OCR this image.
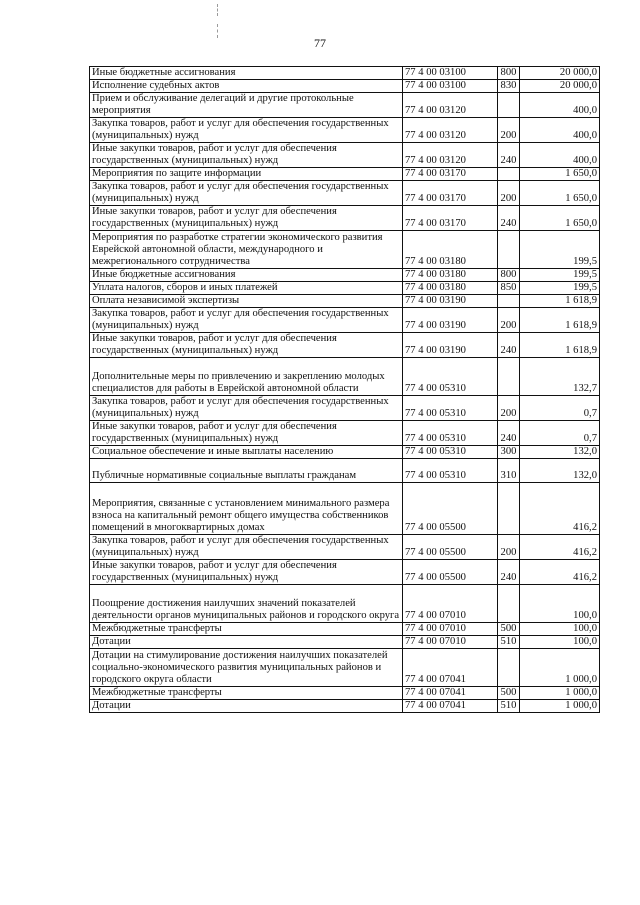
77
Иные бюджетные ассигнования	77 4 00 03100	800	20 000,0
Исполнение судебных актов	77 4 00 03100	830	20 000,0
Прием и обслуживание делегаций и другие протокольные мероприятия	77 4 00 03120		400,0
Закупка товаров, работ и услуг для обеспечения государственных (муниципальных) нужд	77 4 00 03120	200	400,0
Иные закупки товаров, работ и услуг для обеспечения государственных (муниципальных) нужд	77 4 00 03120	240	400,0
Мероприятия по защите информации	77 4 00 03170		1 650,0
Закупка товаров, работ и услуг для обеспечения государственных (муниципальных) нужд	77 4 00 03170	200	1 650,0
Иные закупки товаров, работ и услуг для обеспечения государственных (муниципальных) нужд	77 4 00 03170	240	1 650,0
Мероприятия по разработке стратегии экономического развития Еврейской автономной области, международного и межрегионального сотрудничества	77 4 00 03180		199,5
Иные бюджетные ассигнования	77 4 00 03180	800	199,5
Уплата налогов, сборов и иных платежей	77 4 00 03180	850	199,5
Оплата независимой экспертизы	77 4 00 03190		1 618,9
Закупка товаров, работ и услуг для обеспечения государственных (муниципальных) нужд	77 4 00 03190	200	1 618,9
Иные закупки товаров, работ и услуг для обеспечения государственных (муниципальных) нужд	77 4 00 03190	240	1 618,9
Дополнительные меры по привлечению и закреплению молодых специалистов для работы в Еврейской автономной области	77 4 00 05310		132,7
Закупка товаров, работ и услуг для обеспечения государственных (муниципальных) нужд	77 4 00 05310	200	0,7
Иные закупки товаров, работ и услуг для обеспечения государственных (муниципальных) нужд	77 4 00 05310	240	0,7
Социальное обеспечение и иные выплаты населению	77 4 00 05310	300	132,0
Публичные нормативные социальные выплаты гражданам	77 4 00 05310	310	132,0
Мероприятия, связанные с установлением минимального размера взноса на капитальный ремонт общего имущества собственников помещений в многоквартирных домах	77 4 00 05500		416,2
Закупка товаров, работ и услуг для обеспечения государственных (муниципальных) нужд	77 4 00 05500	200	416,2
Иные закупки товаров, работ и услуг для обеспечения государственных (муниципальных) нужд	77 4 00 05500	240	416,2
Поощрение достижения наилучших значений показателей деятельности органов муниципальных районов и городского округа	77 4 00 07010		100,0
Межбюджетные трансферты	77 4 00 07010	500	100,0
Дотации	77 4 00 07010	510	100,0
Дотации на стимулирование достижения наилучших показателей социально-экономического развития муниципальных районов и городского округа области	77 4 00 07041		1 000,0
Межбюджетные трансферты	77 4 00 07041	500	1 000,0
Дотации	77 4 00 07041	510	1 000,0
